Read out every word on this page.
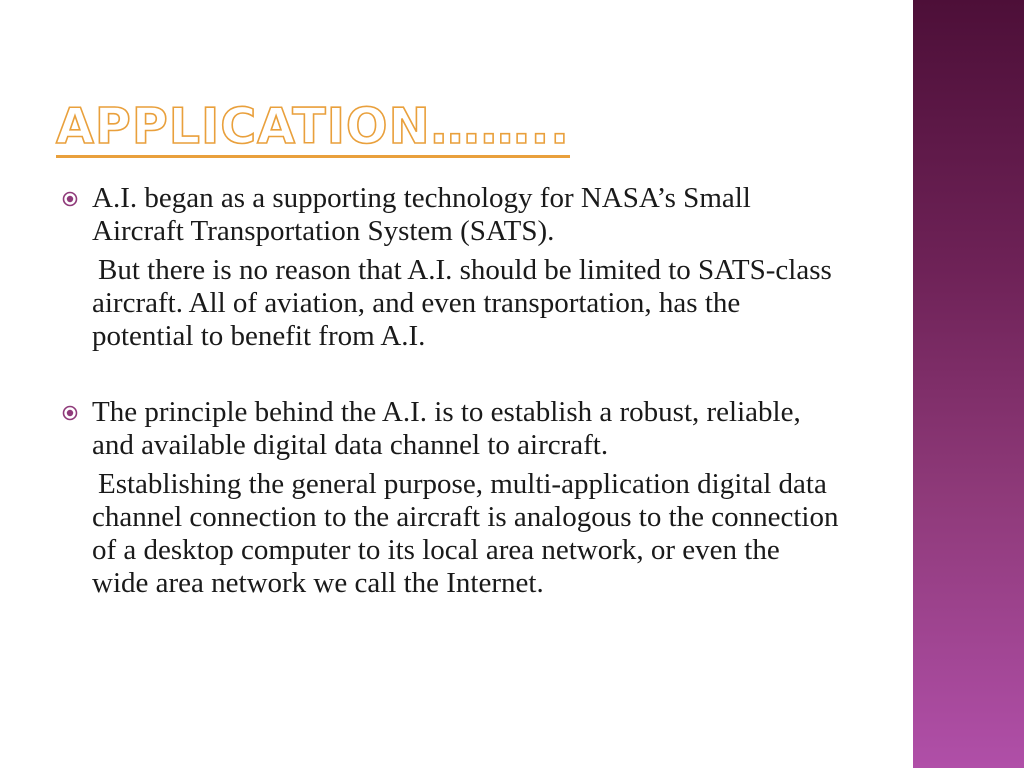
APPLICATION……..

A.I. began as a supporting technology for NASA’s Small Aircraft Transportation System (SATS).

But there is no reason that A.I. should be limited to SATS-class aircraft. All of aviation, and even transportation, has the potential to benefit from A.I.

The principle behind the A.I. is to establish a robust, reliable, and available digital data channel to aircraft.

Establishing the general purpose, multi-application digital data channel connection to the aircraft is analogous to the connection of a desktop computer to its local area network, or even the wide area network we call the Internet.
